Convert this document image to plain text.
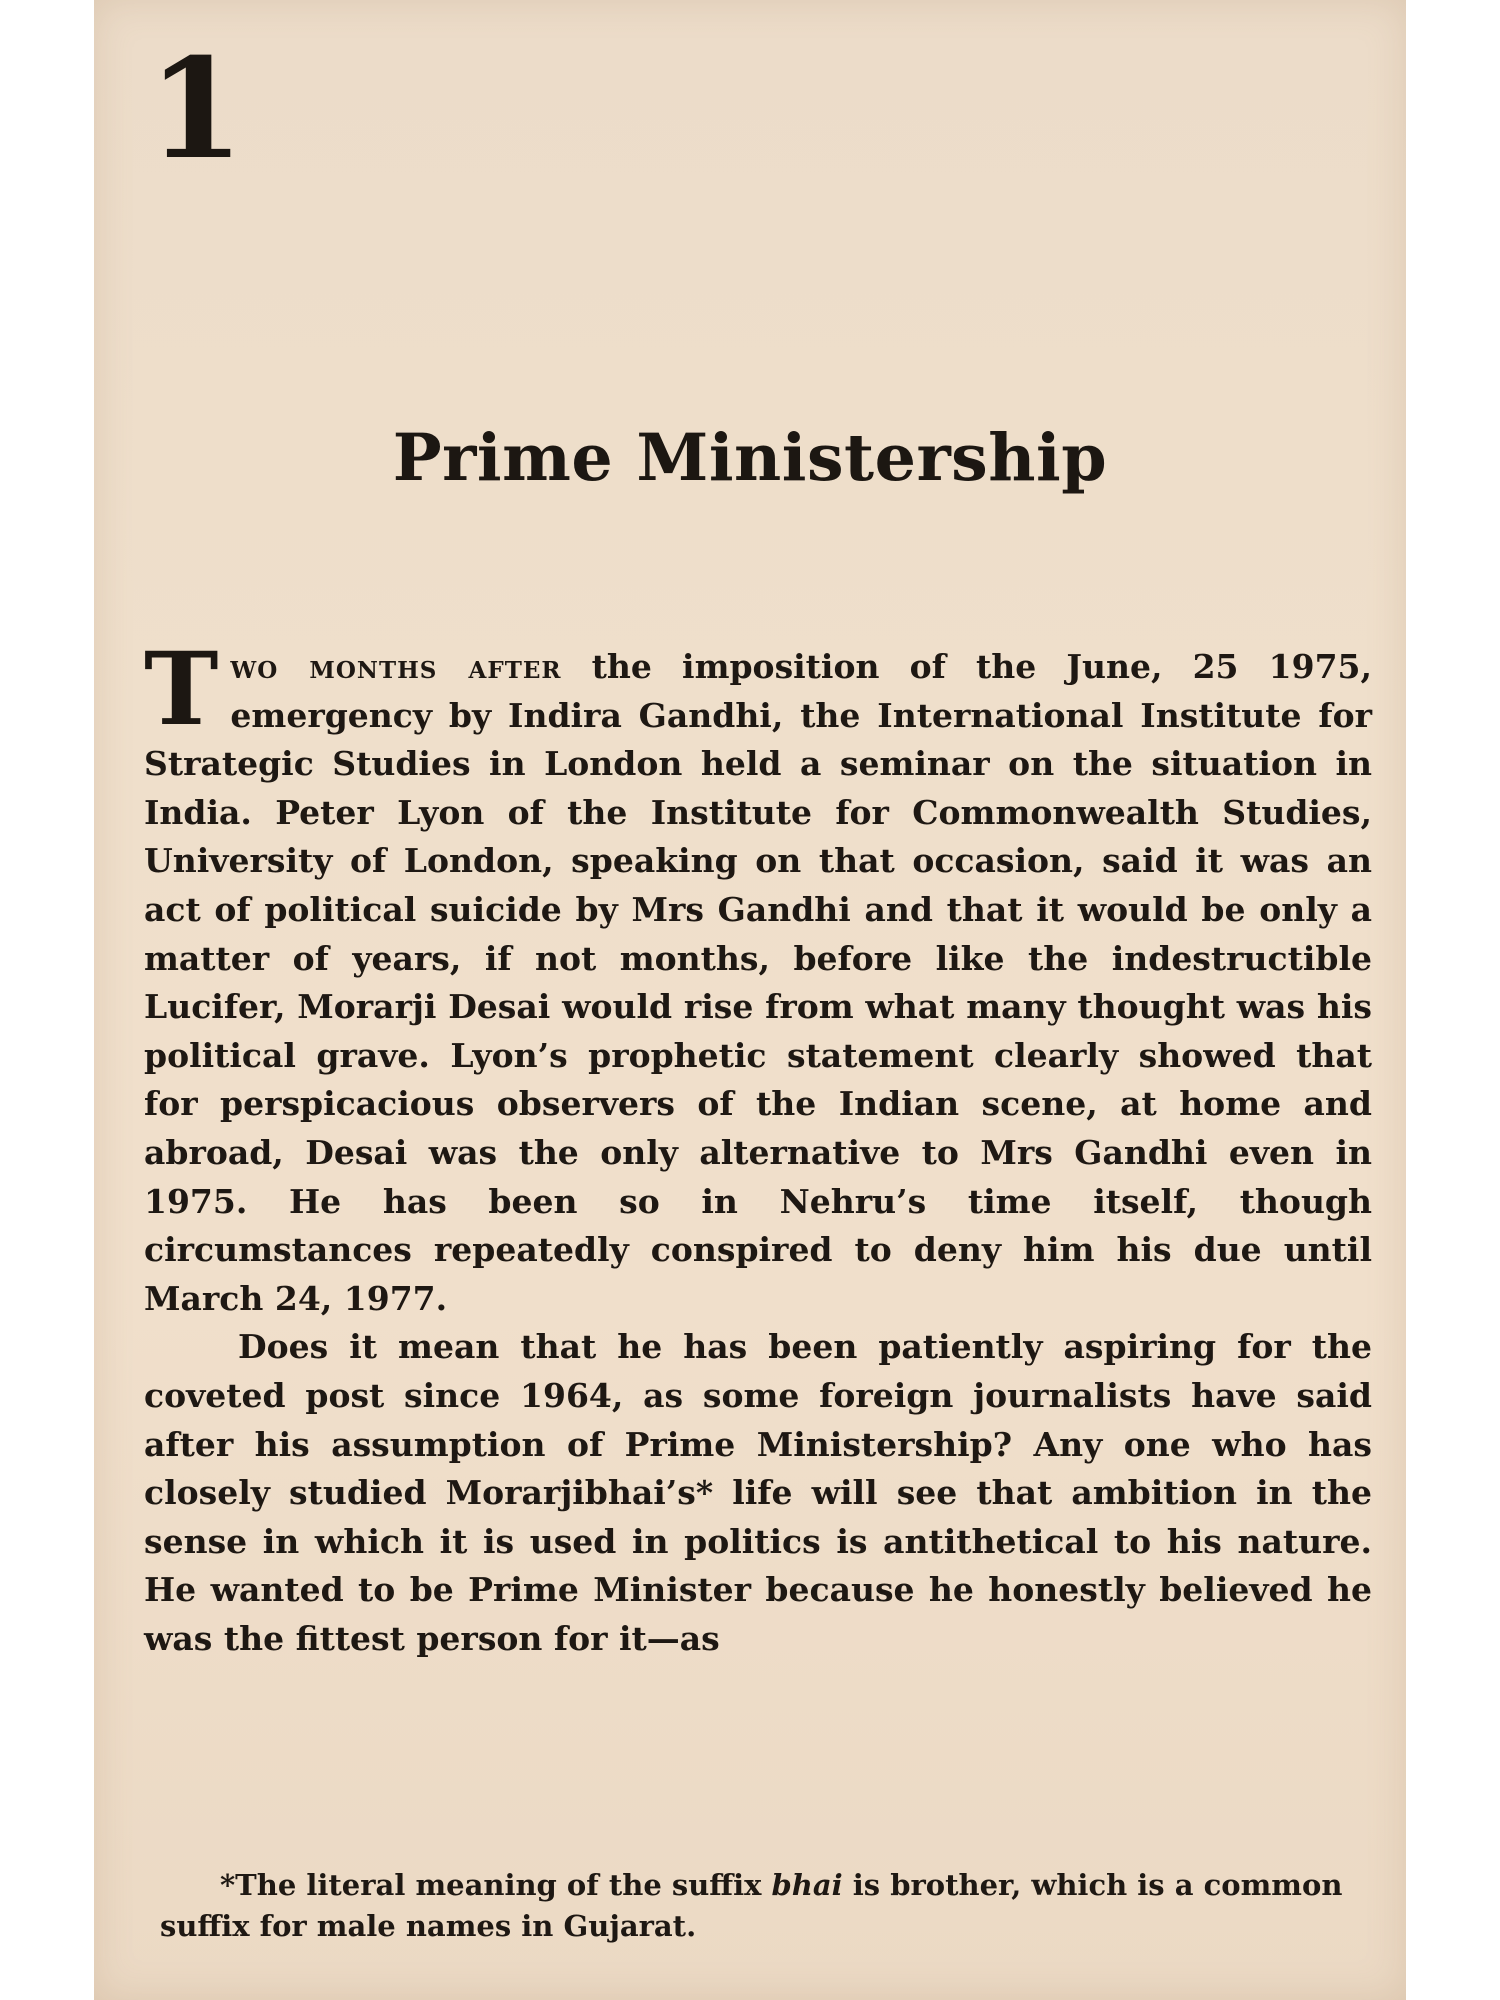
1
Prime Ministership

Two months after the imposition of the June, 25 1975, emergency by Indira Gandhi, the International Institute for Strategic Studies in London held a seminar on the situation in India. Peter Lyon of the Institute for Commonwealth Studies, University of London, speaking on that occasion, said it was an act of political suicide by Mrs Gandhi and that it would be only a matter of years, if not months, before like the indestructible Lucifer, Morarji Desai would rise from what many thought was his political grave. Lyon’s prophetic statement clearly showed that for perspicacious observers of the Indian scene, at home and abroad, Desai was the only alternative to Mrs Gandhi even in 1975. He has been so in Nehru’s time itself, though circumstances repeatedly conspired to deny him his due until March 24, 1977.

Does it mean that he has been patiently aspiring for the coveted post since 1964, as some foreign journalists have said after his assumption of Prime Ministership? Any one who has closely studied Morarjibhai’s* life will see that ambition in the sense in which it is used in politics is antithetical to his nature. He wanted to be Prime Minister because he honestly believed he was the fittest person for it—as

*The literal meaning of the suffix bhai is brother, which is a common suffix for male names in Gujarat.
